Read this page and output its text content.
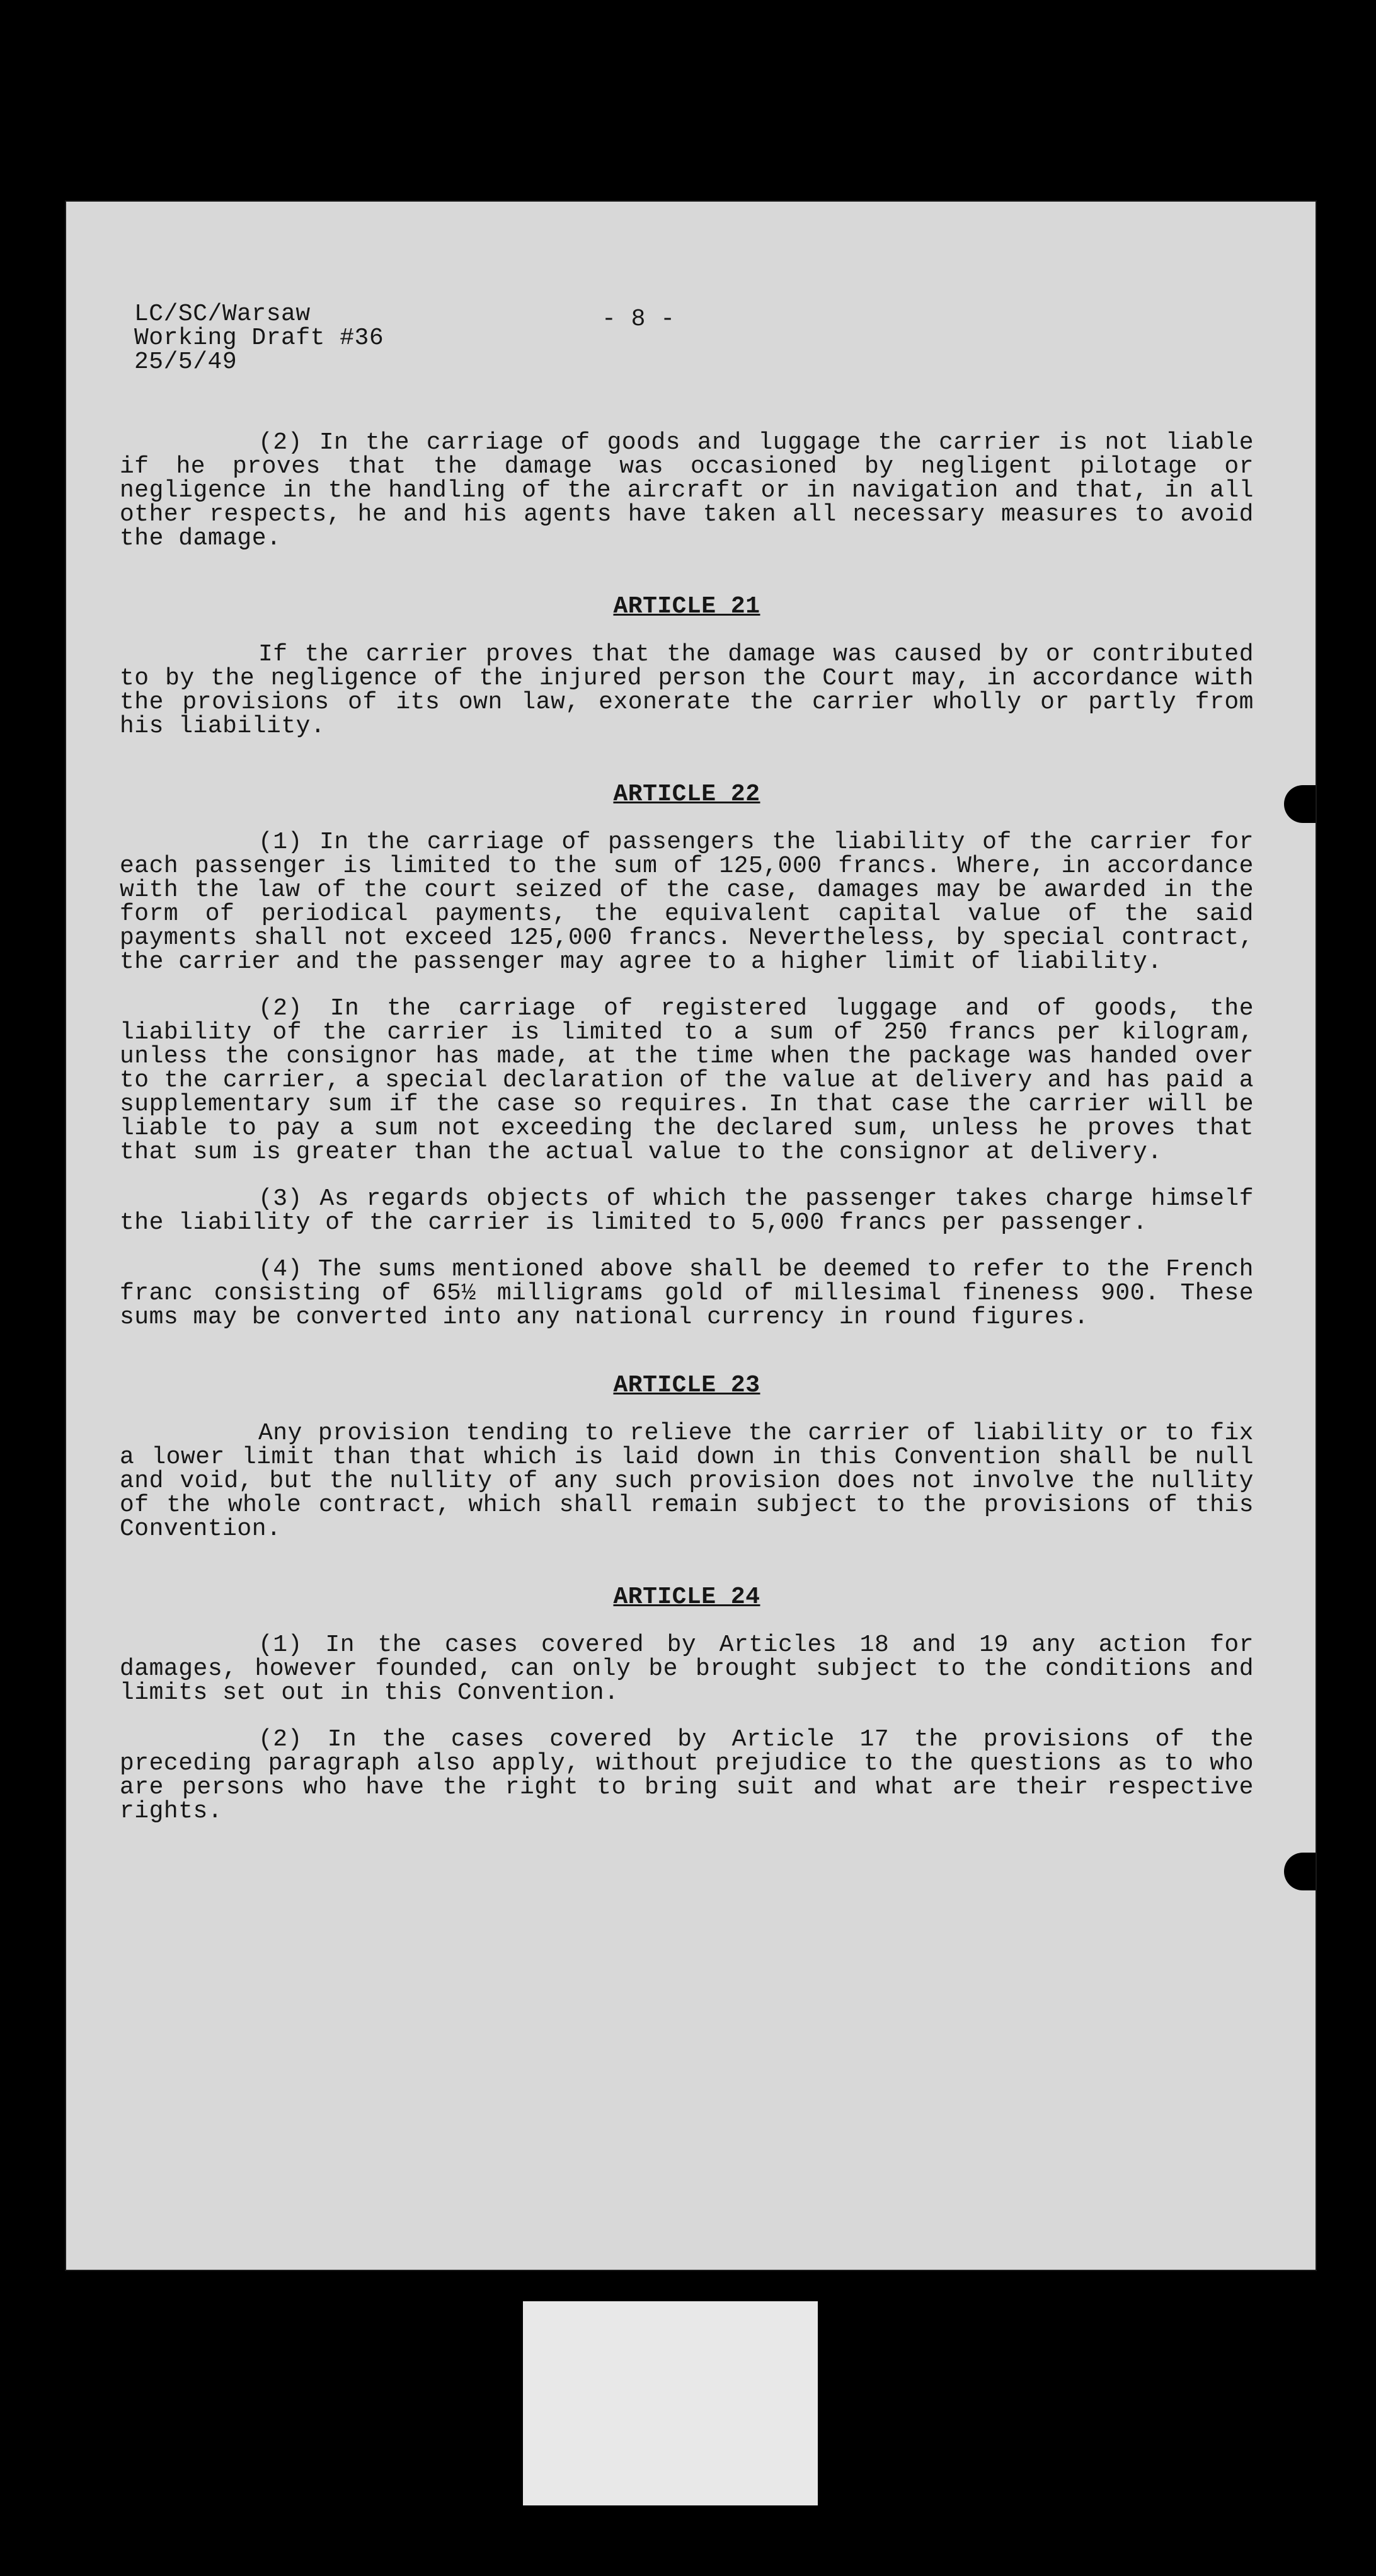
LC/SC/Warsaw
Working Draft #36
25/5/49
- 8 -

(2) In the carriage of goods and luggage the carrier is not liable if he proves that the damage was occasioned by negligent pilotage or negligence in the handling of the aircraft or in navigation and that, in all other respects, he and his agents have taken all necessary measures to avoid the damage.

ARTICLE 21

If the carrier proves that the damage was caused by or contributed to by the negligence of the injured person the Court may, in accordance with the provisions of its own law, exonerate the carrier wholly or partly from his liability.

ARTICLE 22

(1) In the carriage of passengers the liability of the carrier for each passenger is limited to the sum of 125,000 francs. Where, in accordance with the law of the court seized of the case, damages may be awarded in the form of periodical payments, the equivalent capital value of the said payments shall not exceed 125,000 francs. Nevertheless, by special contract, the carrier and the passenger may agree to a higher limit of liability.

(2) In the carriage of registered luggage and of goods, the liability of the carrier is limited to a sum of 250 francs per kilogram, unless the consignor has made, at the time when the package was handed over to the carrier, a special declaration of the value at delivery and has paid a supplementary sum if the case so requires. In that case the carrier will be liable to pay a sum not exceeding the declared sum, unless he proves that that sum is greater than the actual value to the consignor at delivery.

(3) As regards objects of which the passenger takes charge himself the liability of the carrier is limited to 5,000 francs per passenger.

(4) The sums mentioned above shall be deemed to refer to the French franc consisting of 65½ milligrams gold of millesimal fineness 900. These sums may be converted into any national currency in round figures.

ARTICLE 23

Any provision tending to relieve the carrier of liability or to fix a lower limit than that which is laid down in this Convention shall be null and void, but the nullity of any such provision does not involve the nullity of the whole contract, which shall remain subject to the provisions of this Convention.

ARTICLE 24

(1) In the cases covered by Articles 18 and 19 any action for damages, however founded, can only be brought subject to the conditions and limits set out in this Convention.

(2) In the cases covered by Article 17 the provisions of the preceding paragraph also apply, without prejudice to the questions as to who are persons who have the right to bring suit and what are their respective rights.
